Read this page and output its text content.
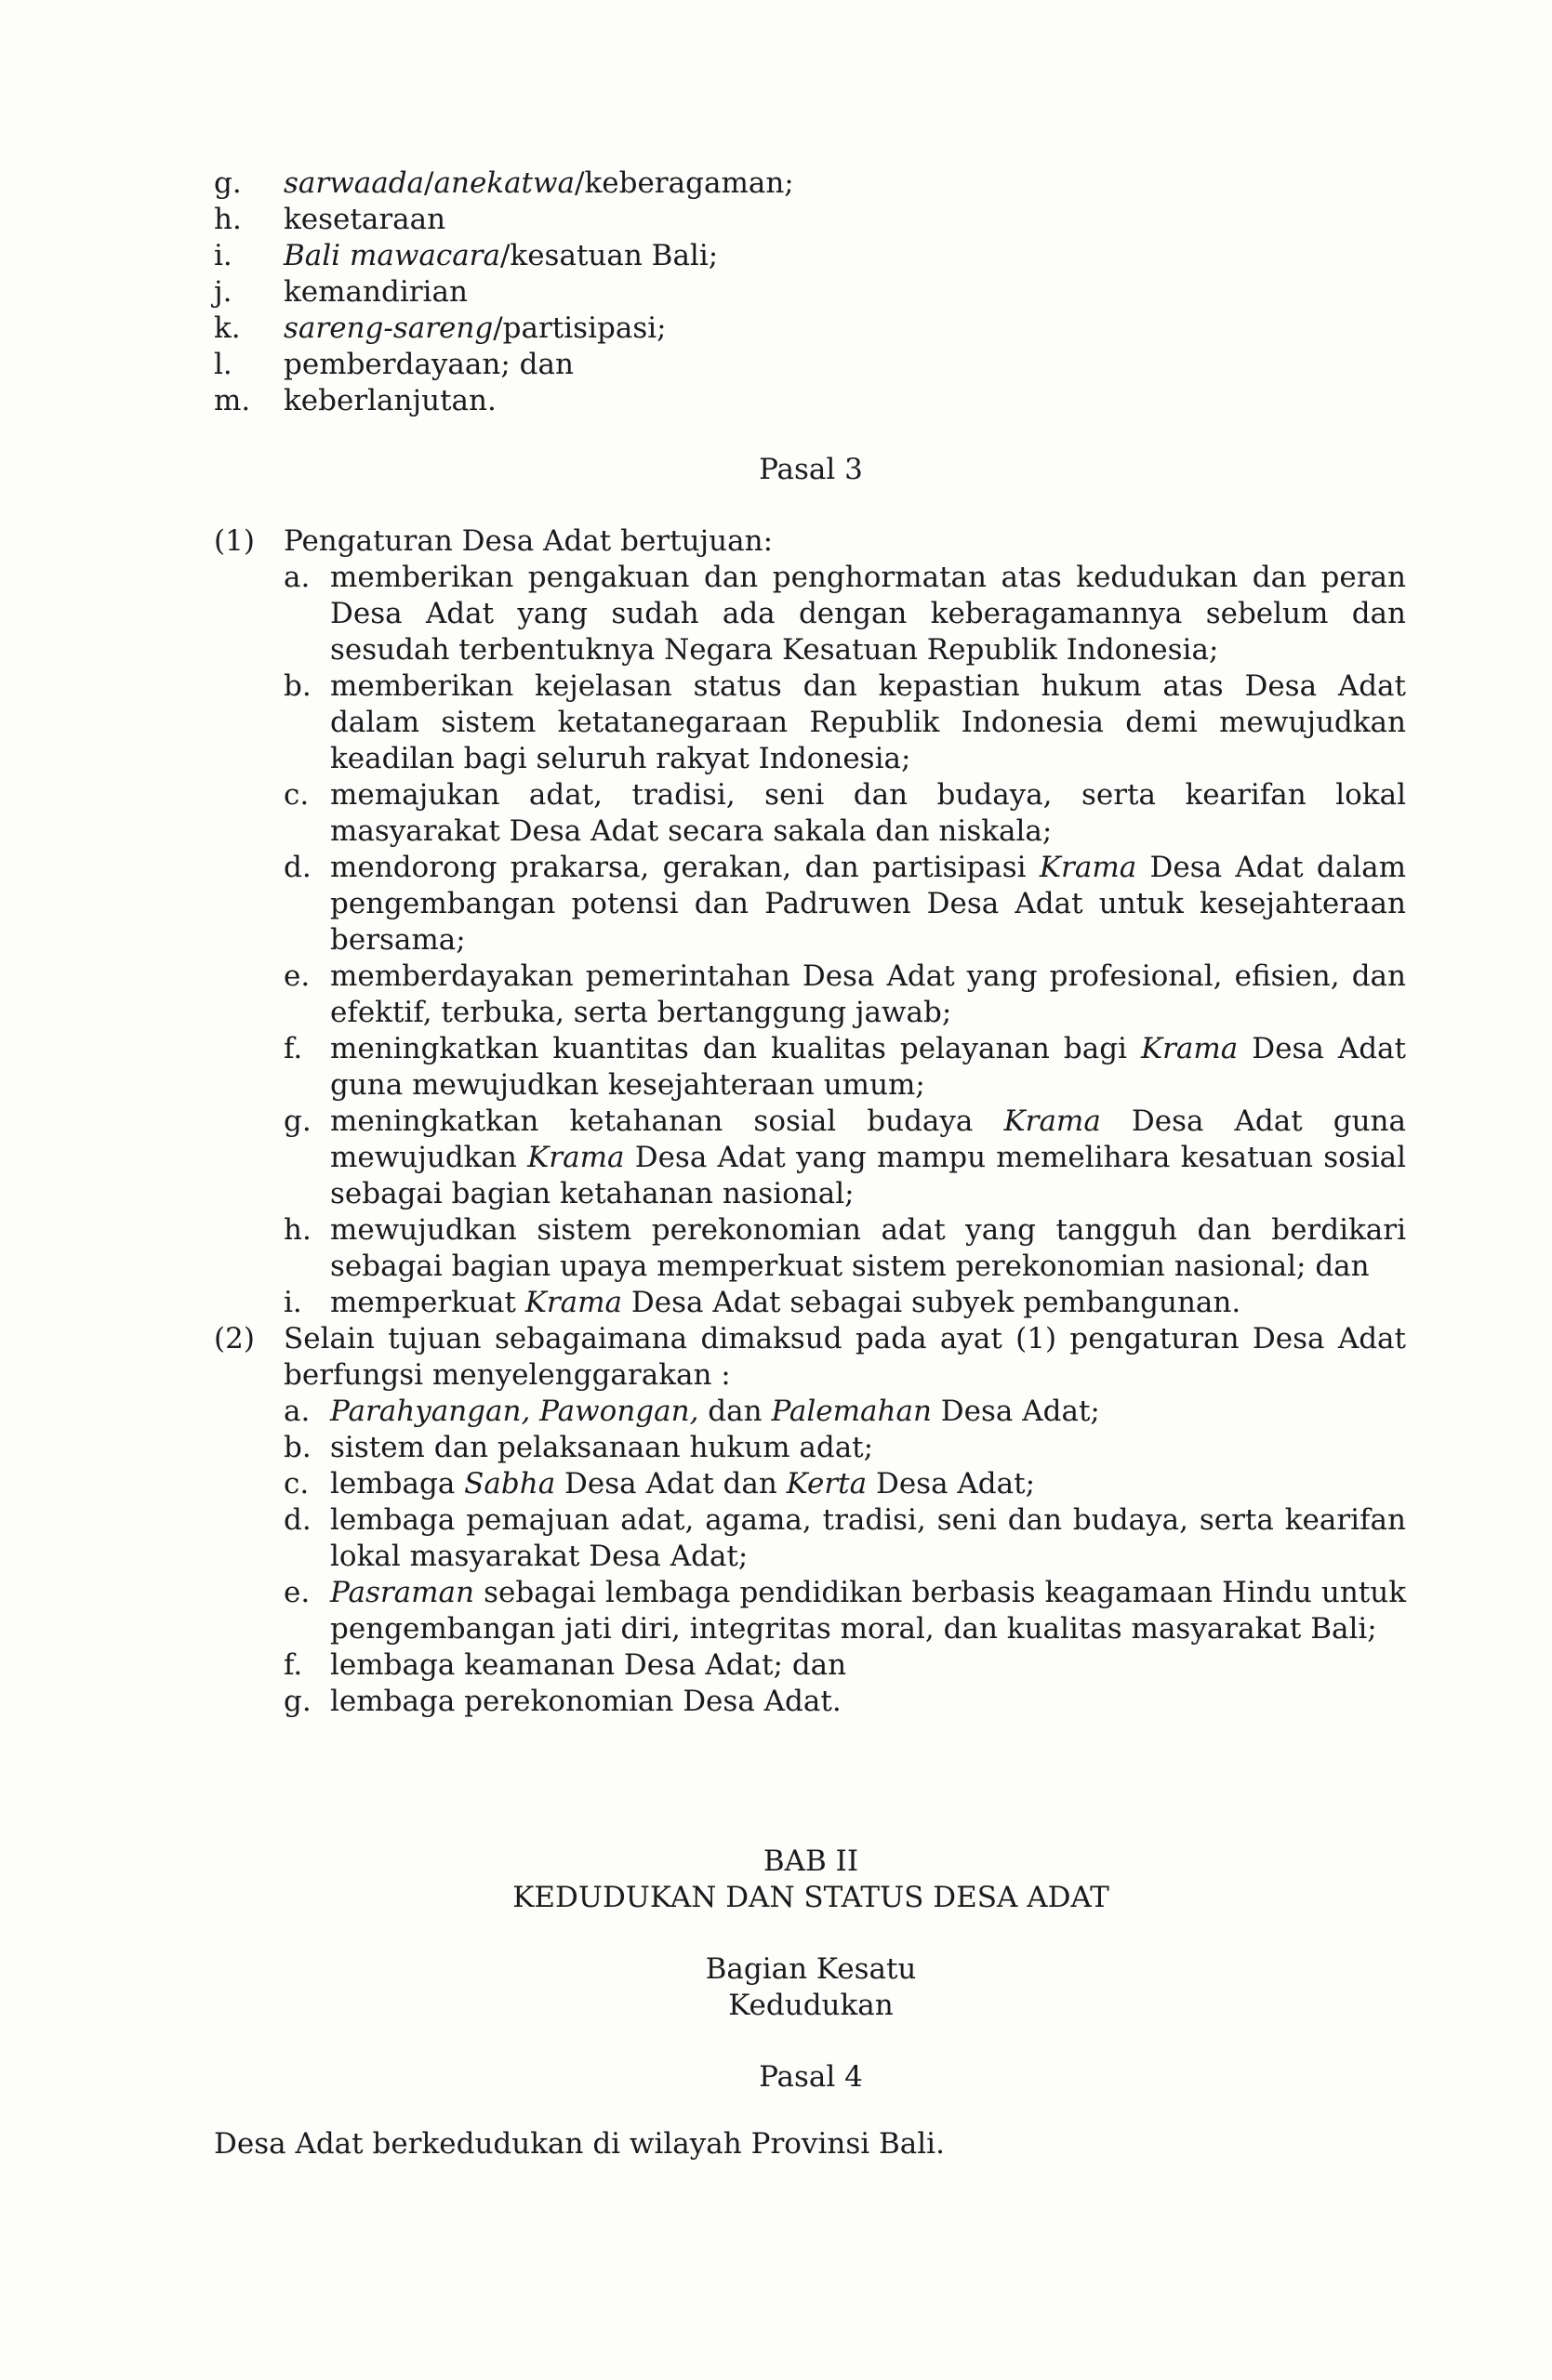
g.	sarwaada/anekatwa/keberagaman;
h.	kesetaraan
i.	Bali mawacara/kesatuan Bali;
j.	kemandirian
k.	sareng-sareng/partisipasi;
l.	pemberdayaan; dan
m.	keberlanjutan.
Pasal 3
(1)	Pengaturan Desa Adat bertujuan:
a. memberikan pengakuan dan penghormatan atas kedudukan dan peran Desa Adat yang sudah ada dengan keberagamannya sebelum dan sesudah terbentuknya Negara Kesatuan Republik Indonesia;
b. memberikan kejelasan status dan kepastian hukum atas Desa Adat dalam sistem ketatanegaraan Republik Indonesia demi mewujudkan keadilan bagi seluruh rakyat Indonesia;
c. memajukan adat, tradisi, seni dan budaya, serta kearifan lokal masyarakat Desa Adat secara sakala dan niskala;
d. mendorong prakarsa, gerakan, dan partisipasi Krama Desa Adat dalam pengembangan potensi dan Padruwen Desa Adat untuk kesejahteraan bersama;
e. memberdayakan pemerintahan Desa Adat yang profesional, efisien, dan efektif, terbuka, serta bertanggung jawab;
f. meningkatkan kuantitas dan kualitas pelayanan bagi Krama Desa Adat guna mewujudkan kesejahteraan umum;
g. meningkatkan ketahanan sosial budaya Krama Desa Adat guna mewujudkan Krama Desa Adat yang mampu memelihara kesatuan sosial sebagai bagian ketahanan nasional;
h. mewujudkan sistem perekonomian adat yang tangguh dan berdikari sebagai bagian upaya memperkuat sistem perekonomian nasional; dan
i. memperkuat Krama Desa Adat sebagai subyek pembangunan.
(2)	Selain tujuan sebagaimana dimaksud pada ayat (1) pengaturan Desa Adat berfungsi menyelenggarakan :
a. Parahyangan, Pawongan, dan Palemahan Desa Adat;
b. sistem dan pelaksanaan hukum adat;
c. lembaga Sabha Desa Adat dan Kerta Desa Adat;
d. lembaga pemajuan adat, agama, tradisi, seni dan budaya, serta kearifan lokal masyarakat Desa Adat;
e. Pasraman sebagai lembaga pendidikan berbasis keagamaan Hindu untuk pengembangan jati diri, integritas moral, dan kualitas masyarakat Bali;
f. lembaga keamanan Desa Adat; dan
g. lembaga perekonomian Desa Adat.
BAB II
KEDUDUKAN DAN STATUS DESA ADAT
Bagian Kesatu
Kedudukan
Pasal 4
Desa Adat berkedudukan di wilayah Provinsi Bali.
